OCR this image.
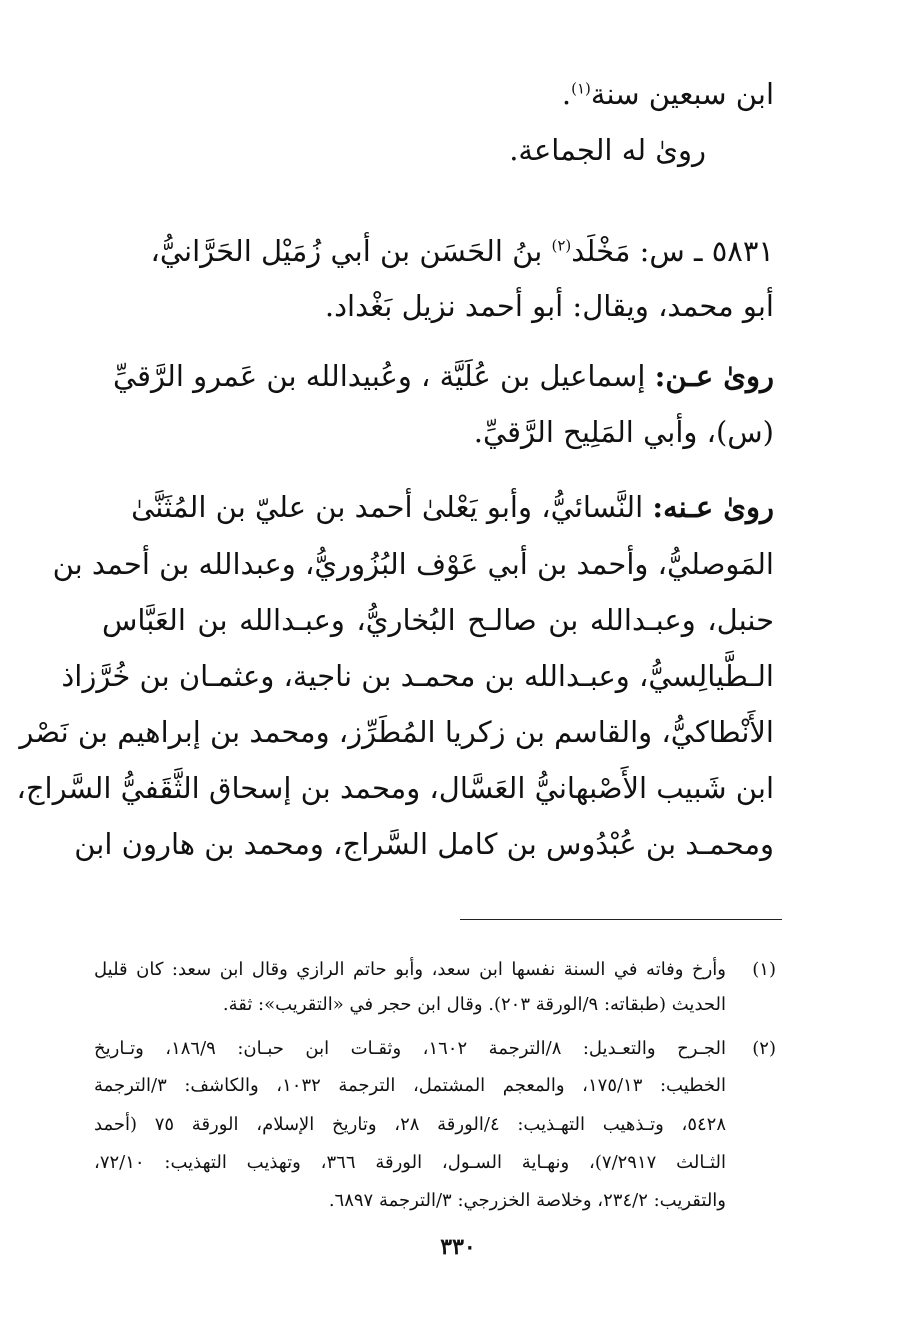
ابن سبعين سنة$^{(١)}$.
روىٰ له الجماعة.
٥٨٣١ ـ س: مَخْلَد$^{(٢)}$ بنُ الحَسَن بن أبي زُمَيْل الحَرَّانيُّ،
أبو محمد، ويقال: أبو أحمد نزيل بَغْداد.
روىٰ عـن: إسماعيل بن عُلَيَّة ، وعُبيدالله بن عَمرو الرَّقيِّ
(س)، وأبي المَلِيح الرَّقيِّ.
روىٰ عـنه: النَّسائيُّ، وأبو يَعْلىٰ أحمد بن عليّ بن المُثَنَّىٰ
المَوصليُّ، وأحمد بن أبي عَوْف البُزُوريُّ، وعبدالله بن أحمد بن
حنبل، وعبـدالله بن صالـح البُخاريُّ، وعبـدالله بن العَبَّاس
الـطَّيالِسيُّ، وعبـدالله بن محمـد بن ناجية، وعثمـان بن خُرَّزاذ
الأَنْطاكيُّ، والقاسم بن زكريا المُطَرِّز، ومحمد بن إبراهيم بن نَصْر
ابن شَبيب الأَصْبهانيُّ العَسَّال، ومحمد بن إسحاق الثَّقَفيُّ السَّراج،
ومحمـد بن عُبْدُوس بن كامل السَّراج، ومحمد بن هارون ابن
(١)
وأرخ وفاته في السنة نفسها ابن سعد، وأبو حاتم الرازي وقال ابن سعد: كان قليل
الحديث (طبقاته: ٩/الورقة ٢٠٣). وقال ابن حجر في «التقريب»: ثقة.
(٢)
الجـرح والتعـديل: ٨/الترجمة ١٦٠٢، وثقـات ابن حبـان: ١٨٦/٩، وتـاريخ
الخطيب: ١٧٥/١٣، والمعجم المشتمل، الترجمة ١٠٣٢، والكاشف: ٣/الترجمة
٥٤٢٨، وتـذهيب التهـذيب: ٤/الورقة ٢٨، وتاريخ الإسلام، الورقة ٧٥ (أحمد
الثـالث ٧/٢٩١٧)، ونهـاية السـول، الورقة ٣٦٦، وتهذيب التهذيب: ٧٢/١٠،
والتقريب: ٢٣٤/٢، وخلاصة الخزرجي: ٣/الترجمة ٦٨٩٧.
٣٣٠
